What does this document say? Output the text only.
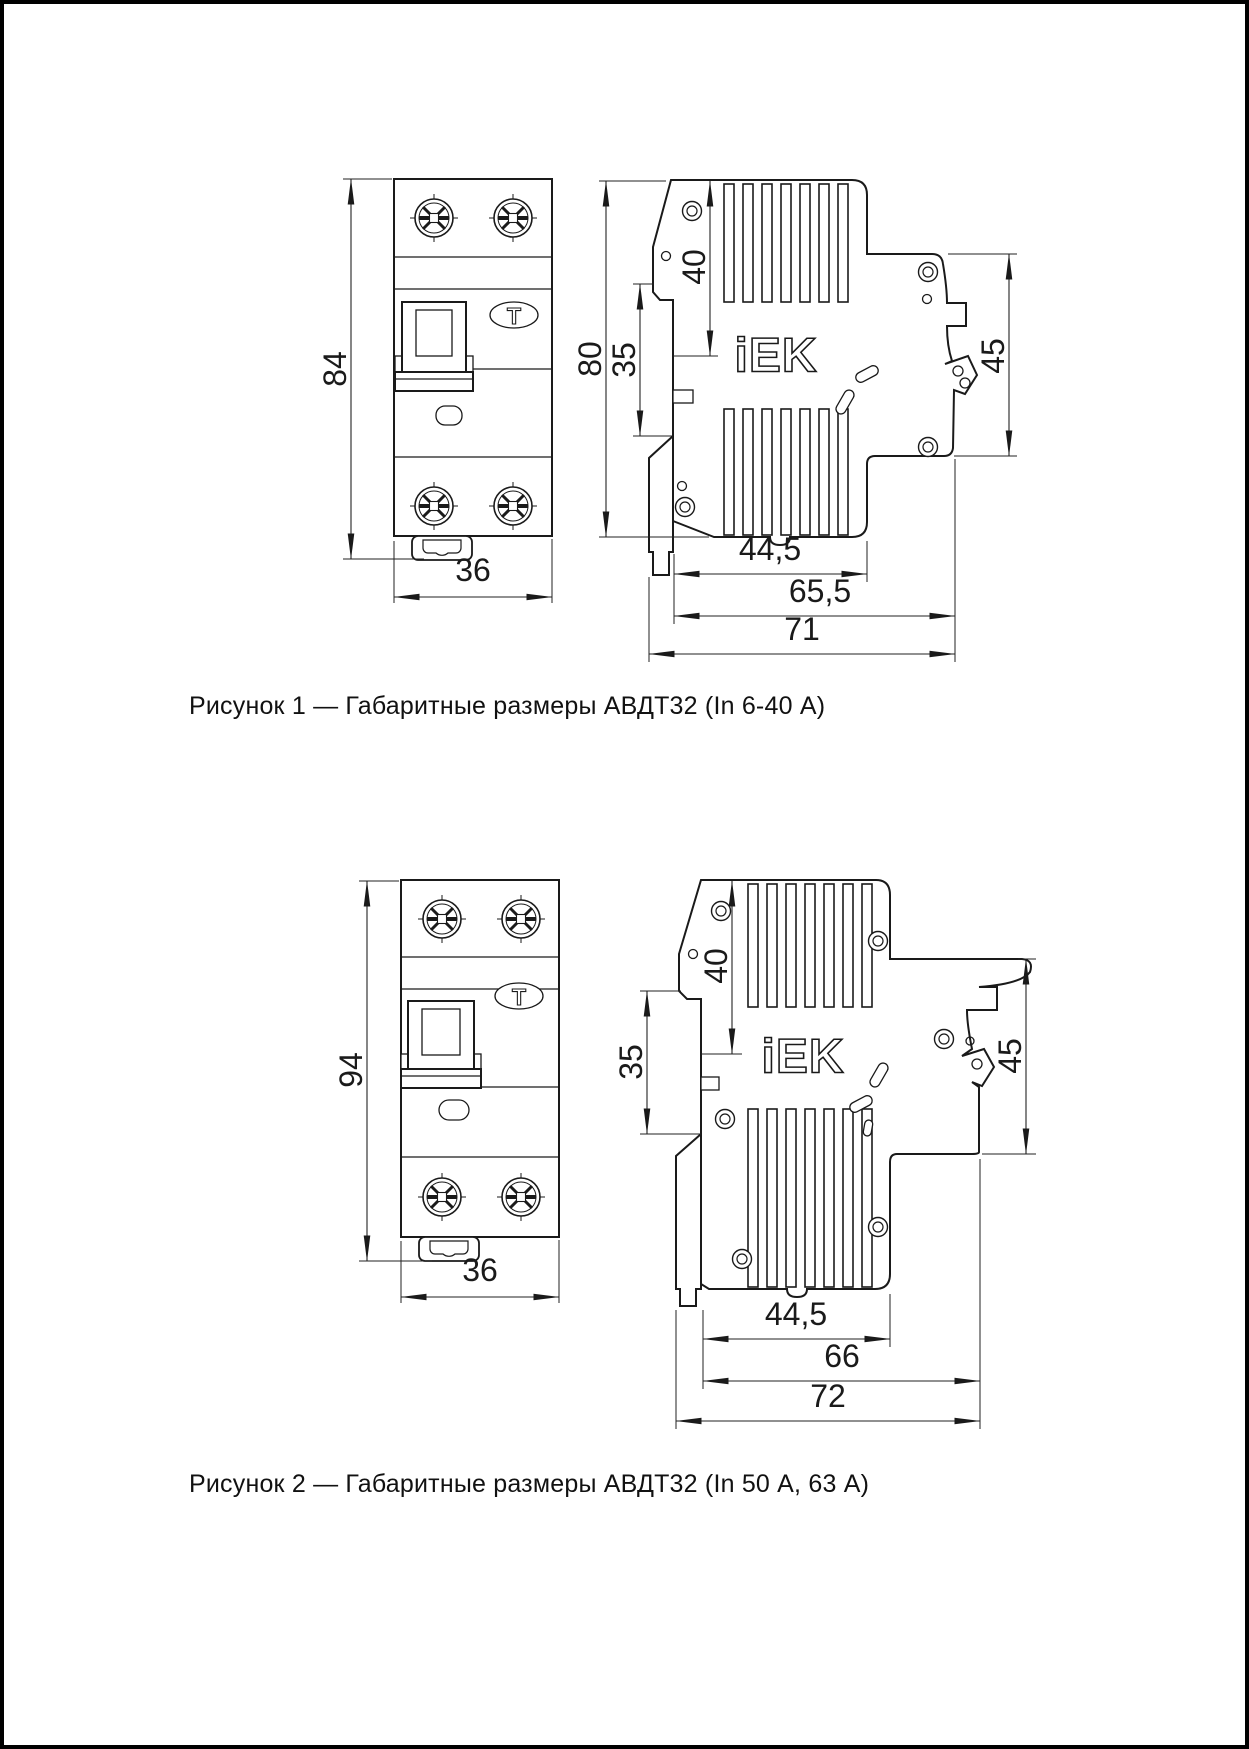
Т
iEK
84
36
80
35
40
45
44,5
65,5
71
Т
iEK
94
36
40
35	45
44,5
66
72
Рисунок 1 — Габаритные размеры АВДТ32 (In 6-40 А)
Рисунок 2 — Габаритные размеры АВДТ32 (In 50 А, 63 А)
